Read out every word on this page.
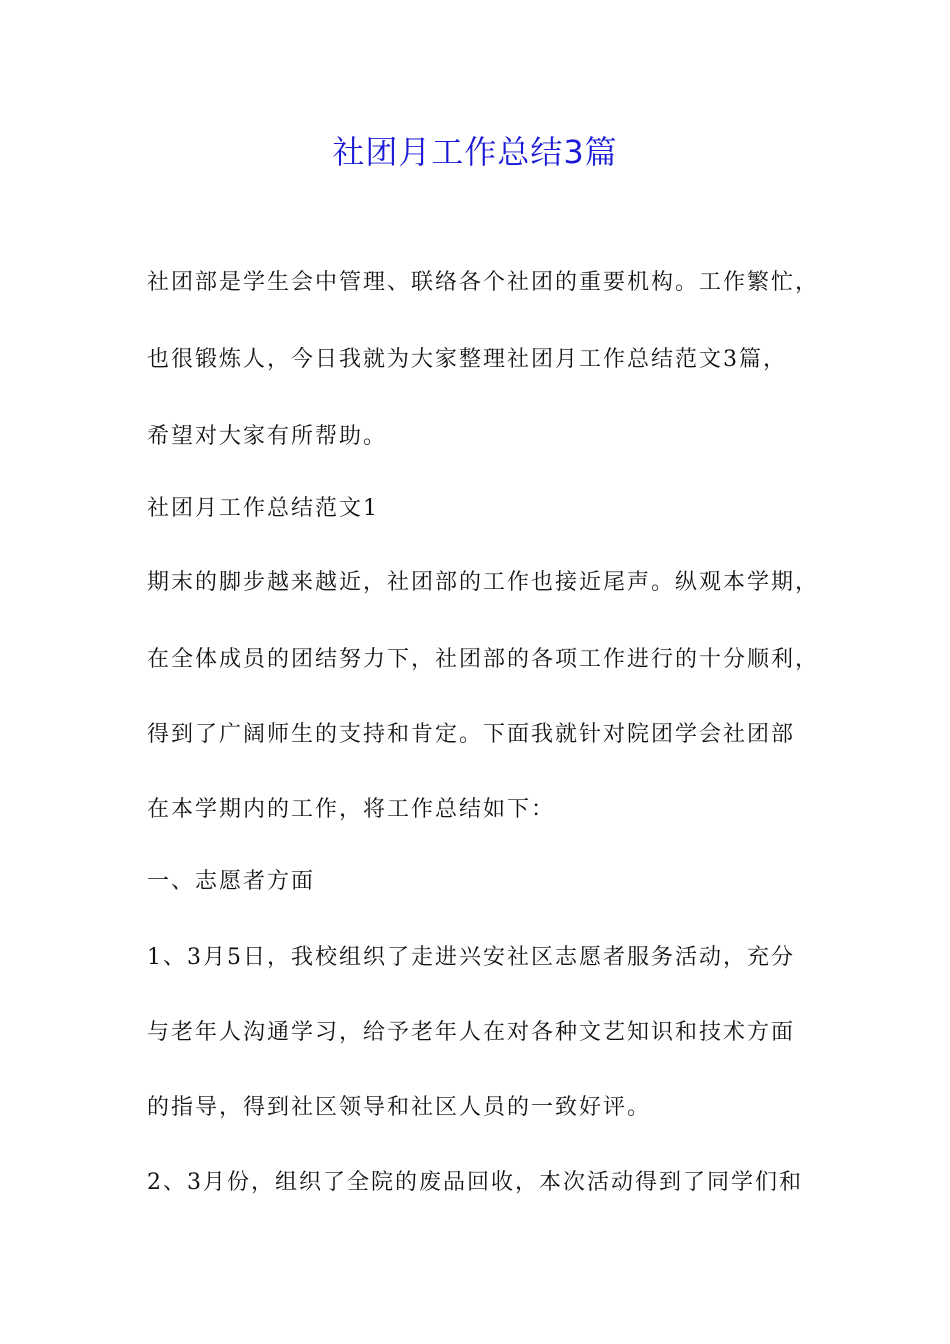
社团月工作总结3篇
社团部是学生会中管理、联络各个社团的重要机构。工作繁忙，
也很锻炼人，今日我就为大家整理社团月工作总结范文3篇，
希望对大家有所帮助。
社团月工作总结范文1
期末的脚步越来越近，社团部的工作也接近尾声。纵观本学期，
在全体成员的团结努力下，社团部的各项工作进行的十分顺利，
得到了广阔师生的支持和肯定。下面我就针对院团学会社团部
在本学期内的工作，将工作总结如下：
一、志愿者方面
1、3月5日，我校组织了走进兴安社区志愿者服务活动，充分
与老年人沟通学习，给予老年人在对各种文艺知识和技术方面
的指导，得到社区领导和社区人员的一致好评。
2、3月份，组织了全院的废品回收，本次活动得到了同学们和
